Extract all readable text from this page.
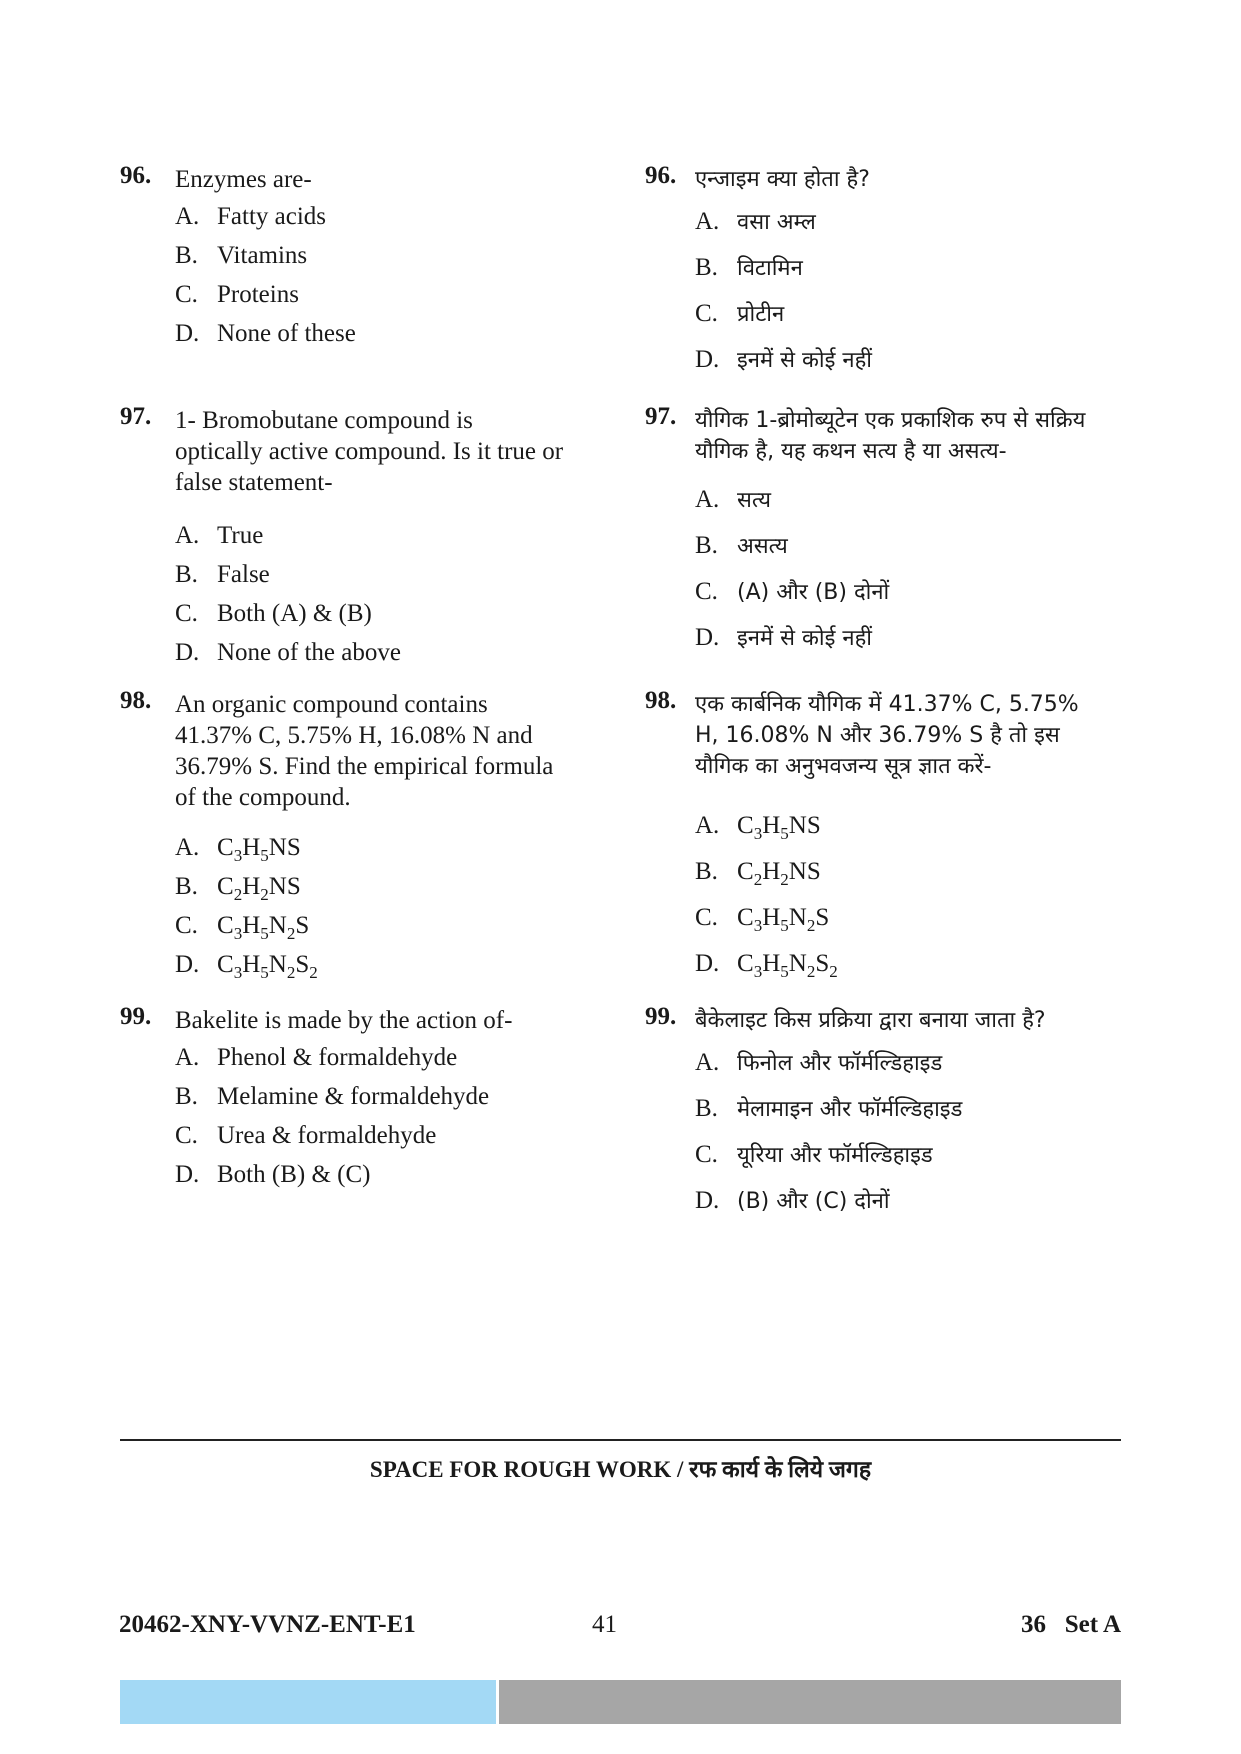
96. Enzymes are-
A. Fatty acids
B. Vitamins
C. Proteins
D. None of these
97. 1- Bromobutane compound is
optically active compound. Is it true or
false statement-
A. True
B. False
C. Both (A) & (B)
D. None of the above
98. An organic compound contains
41.37% C, 5.75% H, 16.08% N and
36.79% S. Find the empirical formula
of the compound.
A. $C_3H_5NS$
B. $C_2H_2NS$
C. $C_3H_5N_2S$
D. $C_3H_5N_2S_2$
99. Bakelite is made by the action of-
A. Phenol & formaldehyde
B. Melamine & formaldehyde
C. Urea & formaldehyde
D. Both (B) & (C)
96. एन्जाइम क्या होता है?
A. वसा अम्ल
B. विटामिन
C. प्रोटीन
D. इनमें से कोई नहीं
97. यौगिक 1-ब्रोमोब्यूटेन एक प्रकाशिक रुप से सक्रिय
यौगिक है, यह कथन सत्य है या असत्य-
A. सत्य
B. असत्य
C. (A) और (B) दोनों
D. इनमें से कोई नहीं
98. एक कार्बनिक यौगिक में 41.37% C, 5.75%
H, 16.08% N और 36.79% S है तो इस
यौगिक का अनुभवजन्य सूत्र ज्ञात करें-
A. $C_3H_5NS$
B. $C_2H_2NS$
C. $C_3H_5N_2S$
D. $C_3H_5N_2S_2$
99. बैकेलाइट किस प्रक्रिया द्वारा बनाया जाता है?
A. फिनोल और फॉर्मल्डिहाइड
B. मेलामाइन और फॉर्मल्डिहाइड
C. यूरिया और फॉर्मल्डिहाइड
D. (B) और (C) दोनों
SPACE FOR ROUGH WORK / रफ कार्य के लिये जगह
20462-XNY-VVNZ-ENT-E1	41	36   Set A
